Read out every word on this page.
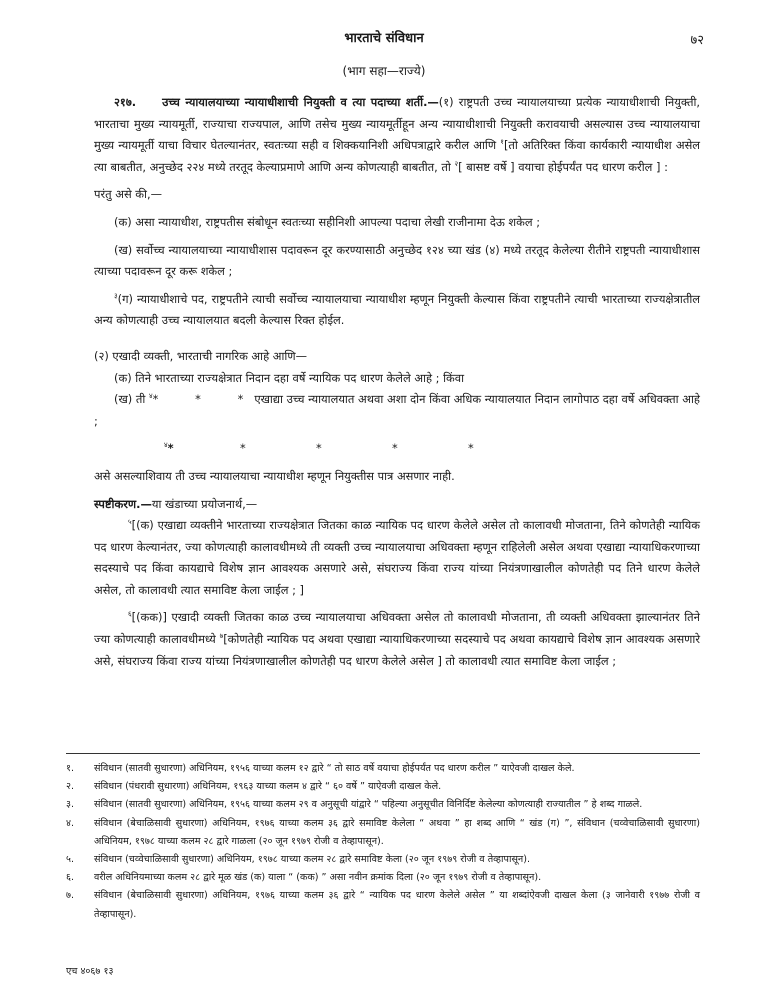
भारताचे संविधान	७२
(भाग सहा—राज्ये)

२१७. उच्च न्यायालयाच्या न्यायाधीशाची नियुक्ती व त्या पदाच्या शर्ती.—(१) राष्ट्रपती उच्च न्यायालयाच्या प्रत्येक न्यायाधीशाची नियुक्ती, भारताचा मुख्य न्यायमूर्ती, राज्याचा राज्यपाल, आणि तसेच मुख्य न्यायमूर्तीहून अन्य न्यायाधीशाची नियुक्ती करावयाची असल्यास उच्च न्यायालयाचा मुख्य न्यायमूर्ती याचा विचार घेतल्यानंतर, स्वतःच्या सही व शिक्कयानिशी अधिपत्राद्वारे करील आणि $^१$[तो अतिरिक्त किंवा कार्यकारी न्यायाधीश असेल त्या बाबतीत, अनुच्छेद २२४ मध्ये तरतूद केल्याप्रमाणे आणि अन्य कोणत्याही बाबतीत, तो $^२$[ बासष्ट वर्षे ] वयाचा होईपर्यंत पद धारण करील ] :

परंतु असे की,—

(क) असा न्यायाधीश, राष्ट्रपतीस संबोधून स्वतःच्या सहीनिशी आपल्या पदाचा लेखी राजीनामा देऊ शकेल ;

(ख) सर्वोच्च न्यायालयाच्या न्यायाधीशास पदावरून दूर करण्यासाठी अनुच्छेद १२४ च्या खंड (४) मध्ये तरतूद केलेल्या रीतीने राष्ट्रपती न्यायाधीशास त्याच्या पदावरून दूर करू शकेल ;

$^३$(ग) न्यायाधीशाचे पद, राष्ट्रपतीने त्याची सर्वोच्च न्यायालयाचा न्यायाधीश म्हणून नियुक्ती केल्यास किंवा राष्ट्रपतीने त्याची भारताच्या राज्यक्षेत्रातील अन्य कोणत्याही उच्च न्यायालयात बदली केल्यास रिक्त होईल.

(२) एखादी व्यक्ती, भारताची नागरिक आहे आणि—

(क) तिने भारताच्या राज्यक्षेत्रात निदान दहा वर्षे न्यायिक पद धारण केलेले आहे ; किंवा

(ख) ती $^४$*          *          * एखाद्या उच्च न्यायालयात अथवा अशा दोन किंवा अधिक न्यायालयात निदान लागोपाठ दहा वर्षे अधिवक्ता आहे ;

$^४$*	*	*	*	*

असे असल्याशिवाय ती उच्च न्यायालयाचा न्यायाधीश म्हणून नियुक्तीस पात्र असणार नाही.

स्पष्टीकरण.—या खंडाच्या प्रयोजनार्थ,—

$^५$[(क) एखाद्या व्यक्तीने भारताच्या राज्यक्षेत्रात जितका काळ न्यायिक पद धारण केलेले असेल तो कालावधी मोजताना, तिने कोणतेही न्यायिक पद धारण केल्यानंतर, ज्या कोणत्याही कालावधीमध्ये ती व्यक्ती उच्च न्यायालयाचा अधिवक्ता म्हणून राहिलेली असेल अथवा एखाद्या न्यायाधिकरणाच्या सदस्याचे पद किंवा कायद्याचे विशेष ज्ञान आवश्यक असणारे असे, संघराज्य किंवा राज्य यांच्या नियंत्रणाखालील कोणतेही पद तिने धारण केलेले असेल, तो कालावधी त्यात समाविष्ट केला जाईल ; ]

$^६$[(कक)] एखादी व्यक्ती जितका काळ उच्च न्यायालयाचा अधिवक्ता असेल तो कालावधी मोजताना, ती व्यक्ती अधिवक्ता झाल्यानंतर तिने ज्या कोणत्याही कालावधीमध्ये $^७$[कोणतेही न्यायिक पद अथवा एखाद्या न्यायाधिकरणाच्या सदस्याचे पद अथवा कायद्याचे विशेष ज्ञान आवश्यक असणारे असे, संघराज्य किंवा राज्य यांच्या नियंत्रणाखालील कोणतेही पद धारण केलेले असेल ] तो कालावधी त्यात समाविष्ट केला जाईल ;

१.	संविधान (सातवी सुधारणा) अधिनियम, १९५६ याच्या कलम १२ द्वारे “ तो साठ वर्षे वयाचा होईपर्यंत पद धारण करील ” याऐवजी दाखल केले.
२.	संविधान (पंधरावी सुधारणा) अधिनियम, १९६३ याच्या कलम ४ द्वारे “ ६० वर्षे ” याऐवजी दाखल केले.
३.	संविधान (सातवी सुधारणा) अधिनियम, १९५६ याच्या कलम २९ व अनुसूची यांद्वारे “ पहिल्या अनुसूचीत विनिर्दिष्ट केलेल्या कोणत्याही राज्यातील ” हे शब्द गाळले.
४.	संविधान (बेचाळिसावी सुधारणा) अधिनियम, १९७६ याच्या कलम ३६ द्वारे समाविष्ट केलेला “ अथवा ” हा शब्द आणि “ खंड (ग) ”, संविधान (चव्वेचाळिसावी सुधारणा) अधिनियम, १९७८ याच्या कलम २८ द्वारे गाळला (२० जून १९७९ रोजी व तेव्हापासून).
५.	संविधान (चव्वेचाळिसावी सुधारणा) अधिनियम, १९७८ याच्या कलम २८ द्वारे समाविष्ट केला (२० जून १९७९ रोजी व तेव्हापासून).
६.	वरील अधिनियमाच्या कलम २८ द्वारे मूळ खंड (क) याला “ (कक) ” असा नवीन क्रमांक दिला (२० जून १९७९ रोजी व तेव्हापासून).
७.	संविधान (बेचाळिसावी सुधारणा) अधिनियम, १९७६ याच्या कलम ३६ द्वारे “ न्यायिक पद धारण केलेले असेल ” या शब्दांऐवजी दाखल केला (३ जानेवारी १९७७ रोजी व तेव्हापासून).
एच ४०६७ १३
